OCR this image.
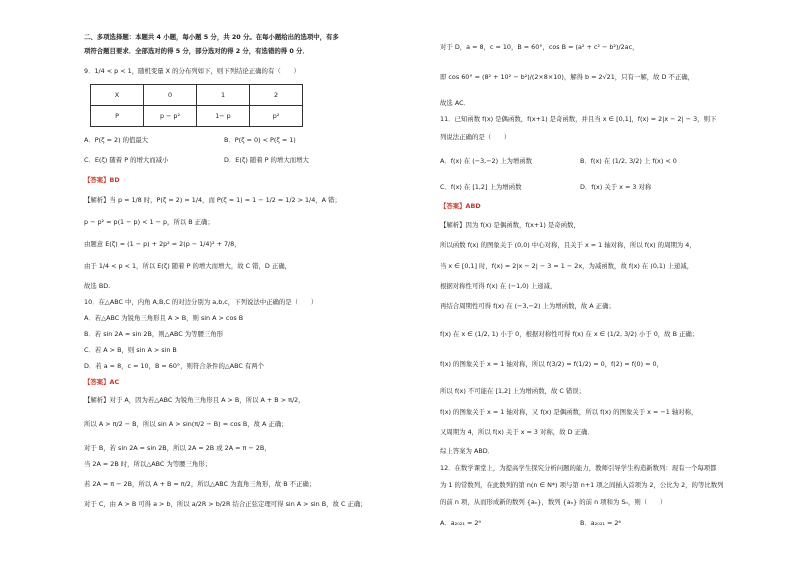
二、多项选择题：本题共 4 小题，每小题 5 分，共 20 分。在每小题给出的选项中，有多
项符合题目要求．全部选对的得 5 分，部分选对的得 2 分，有选错的得 0 分．
9．1/4 < p < 1，随机变量 X 的分布列如下，则下列结论正确的有（　　）
X	0	1	2
P	p − p²	1− p	p²
A．P(ζ = 2) 的值最大	B．P(ζ = 0) < P(ζ = 1)
C．E(ζ) 随着 P 的增大而减小	D．E(ζ) 随着 P 的增大而增大
【答案】BD
【解析】当 p = 1/8 时，P(ζ = 2) = 1/4，而 P(ζ = 1) = 1 − 1/2 = 1/2 > 1/4，A 错；
p − p² = p(1 − p) < 1 − p，所以 B 正确；
由题意 E(ζ) = (1 − p) + 2p² = 2(p − 1/4)² + 7/8，
由于 1/4 < p < 1，所以 E(ζ) 随着 P 的增大而增大，故 C 错，D 正确，
故选 BD.
10．在△ABC 中，内角 A,B,C 的对边分别为 a,b,c，下列说法中正确的是（　　）
A．若△ABC 为锐角三角形且 A > B，则 sin A > cos B
B．若 sin 2A = sin 2B，则△ABC 为等腰三角形
C．若 A > B，则 sin A > sin B
D．若 a = 8，c = 10，B = 60°，则符合条件的△ABC 有两个
【答案】AC
【解析】对于 A，因为若△ABC 为锐角三角形且 A > B，所以 A + B > π/2，
所以 A > π/2 − B，所以 sin A > sin(π/2 − B) = cos B，故 A 正确；
对于 B，若 sin 2A = sin 2B，所以 2A = 2B 或 2A = π − 2B，
当 2A = 2B 时，所以△ABC 为等腰三角形；
若 2A = π − 2B，所以 A + B = π/2，所以△ABC 为直角三角形，故 B 不正确；
对于 C，由 A > B 可得 a > b，所以 a/2R > b/2R 结合正弦定理可得 sin A > sin B，故 C 正确；
对于 D，a = 8，c = 10，B = 60°，cos B = (a² + c² − b²)/2ac，
即 cos 60° = (8² + 10² − b²)/(2×8×10)，解得 b = 2√21，只有一解，故 D 不正确，
故选 AC．
11．已知函数 f(x) 是偶函数，f(x+1) 是奇函数，并且当 x ∈ [0,1]，f(x) = 2|x − 2| − 3，则下
列说法正确的是（　　）
A．f(x) 在 (−3,−2) 上为增函数	B．f(x) 在 (1/2, 3/2) 上 f(x) < 0
C．f(x) 在 [1,2] 上为增函数	D．f(x) 关于 x = 3 对称
【答案】ABD
【解析】因为 f(x) 是偶函数，f(x+1) 是奇函数，
所以函数 f(x) 的图象关于 (0,0) 中心对称，且关于 x = 1 轴对称，所以 f(x) 的周期为 4，
当 x ∈ [0,1] 时，f(x) = 2|x − 2| − 3 = 1 − 2x，为减函数，故 f(x) 在 (0,1) 上递减，
根据对称性可得 f(x) 在 (−1,0) 上递减，
再结合周期性可得 f(x) 在 (−3,−2) 上为增函数，故 A 正确；
f(x) 在 x ∈ (1/2, 1) 小于 0，根据对称性可得 f(x) 在 x ∈ (1/2, 3/2) 小于 0，故 B 正确；
f(x) 的图象关于 x = 1 轴对称，所以 f(3/2) = f(1/2) = 0，f(2) = f(0) = 0，
所以 f(x) 不可能在 [1,2] 上为增函数，故 C 错误；
f(x) 的图象关于 x = 1 轴对称，又 f(x) 是偶函数，所以 f(x) 的图象关于 x = −1 轴对称，
又周期为 4，所以 f(x) 关于 x = 3 对称，故 D 正确．
综上答案为 ABD．
12．在数学课堂上，为提高学生探究分析问题的能力，教师引导学生构造新数列：现有一个每项都
为 1 的常数列，在此数列的第 n(n ∈ N*) 项与第 n+1 项之间插入首项为 2，公比为 2，的等比数列
的前 n 项，从而形成新的数列 {aₙ}，数列 {aₙ} 的前 n 项和为 Sₙ，则（　　）
A．a₂₀₂₁ = 2⁹	B．a₂₀₂₁ = 2⁶
